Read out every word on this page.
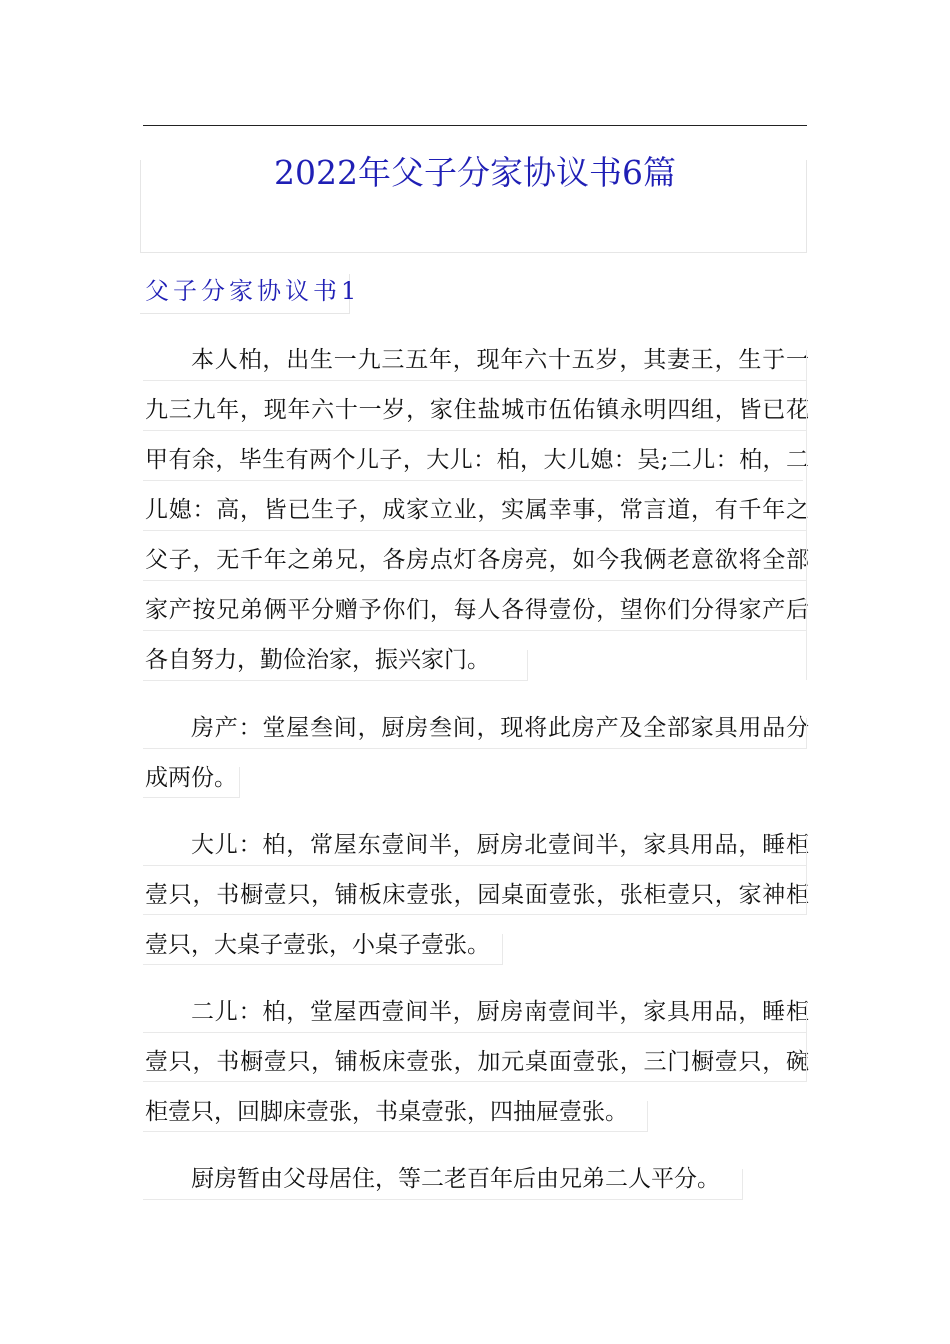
2022年父子分家协议书6篇
父子分家协议书1

本人柏，出生一九三五年，现年六十五岁，其妻王，生于一九三九年，现年六十一岁，家住盐城市伍佑镇永明四组，皆已花甲有余，毕生有两个儿子，大儿：柏，大儿媳：吴;二儿：柏，二儿媳：高，皆已生子，成家立业，实属幸事，常言道，有千年之父子，无千年之弟兄，各房点灯各房亮，如今我俩老意欲将全部家产按兄弟俩平分赠予你们，每人各得壹份，望你们分得家产后各自努力，勤俭治家，振兴家门。

房产：堂屋叁间，厨房叁间，现将此房产及全部家具用品分成两份。

大儿：柏，常屋东壹间半，厨房北壹间半，家具用品，睡柜壹只，书橱壹只，铺板床壹张，园桌面壹张，张柜壹只，家神柜壹只，大桌子壹张，小桌子壹张。

二儿：柏，堂屋西壹间半，厨房南壹间半，家具用品，睡柜壹只，书橱壹只，铺板床壹张，加元桌面壹张，三门橱壹只，碗柜壹只，回脚床壹张，书桌壹张，四抽屉壹张。

厨房暂由父母居住，等二老百年后由兄弟二人平分。
